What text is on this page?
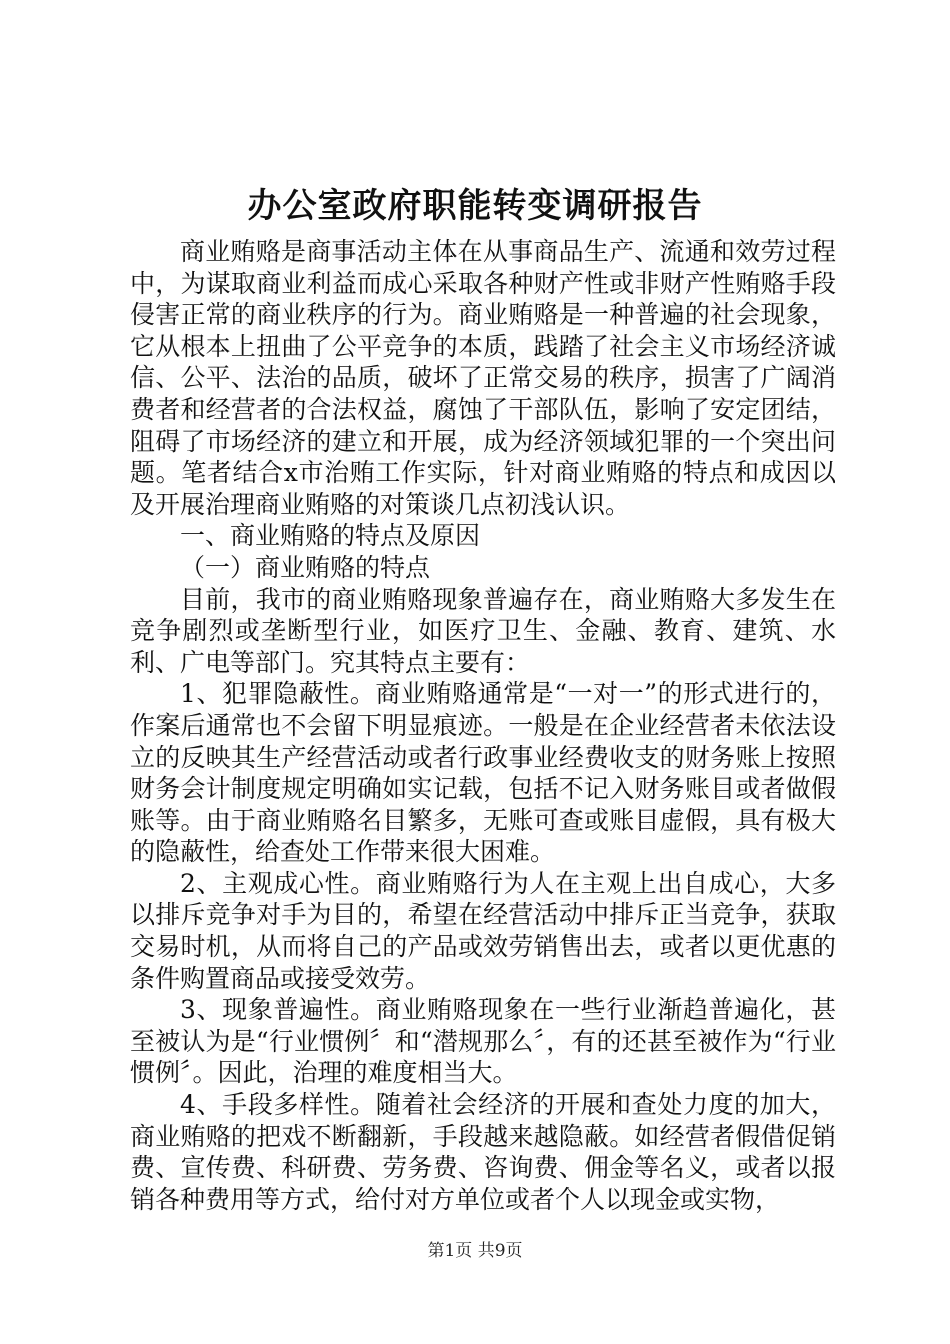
办公室政府职能转变调研报告

商业贿赂是商事活动主体在从事商品生产、流通和效劳过程中，为谋取商业利益而成心采取各种财产性或非财产性贿赂手段侵害正常的商业秩序的行为。商业贿赂是一种普遍的社会现象，它从根本上扭曲了公平竞争的本质，践踏了社会主义市场经济诚信、公平、法治的品质，破坏了正常交易的秩序，损害了广阔消费者和经营者的合法权益，腐蚀了干部队伍，影响了安定团结，阻碍了市场经济的建立和开展，成为经济领域犯罪的一个突出问题。笔者结合x市治贿工作实际，针对商业贿赂的特点和成因以及开展治理商业贿赂的对策谈几点初浅认识。

一、商业贿赂的特点及原因

（一）商业贿赂的特点

目前，我市的商业贿赂现象普遍存在，商业贿赂大多发生在竞争剧烈或垄断型行业，如医疗卫生、金融、教育、建筑、水利、广电等部门。究其特点主要有：

1、犯罪隐蔽性。商业贿赂通常是“一对一”的形式进行的，作案后通常也不会留下明显痕迹。一般是在企业经营者未依法设立的反映其生产经营活动或者行政事业经费收支的财务账上按照财务会计制度规定明确如实记载，包括不记入财务账目或者做假账等。由于商业贿赂名目繁多，无账可查或账目虚假，具有极大的隐蔽性，给查处工作带来很大困难。

2、主观成心性。商业贿赂行为人在主观上出自成心，大多以排斥竞争对手为目的，希望在经营活动中排斥正当竞争，获取交易时机，从而将自己的产品或效劳销售出去，或者以更优惠的条件购置商品或接受效劳。

3、现象普遍性。商业贿赂现象在一些行业渐趋普遍化，甚至被认为是“行业惯例〞和“潜规那么〞，有的还甚至被作为“行业惯例〞。因此，治理的难度相当大。

4、手段多样性。随着社会经济的开展和查处力度的加大，商业贿赂的把戏不断翻新，手段越来越隐蔽。如经营者假借促销费、宣传费、科研费、劳务费、咨询费、佣金等名义，或者以报销各种费用等方式，给付对方单位或者个人以现金或实物，

第1页 共9页
